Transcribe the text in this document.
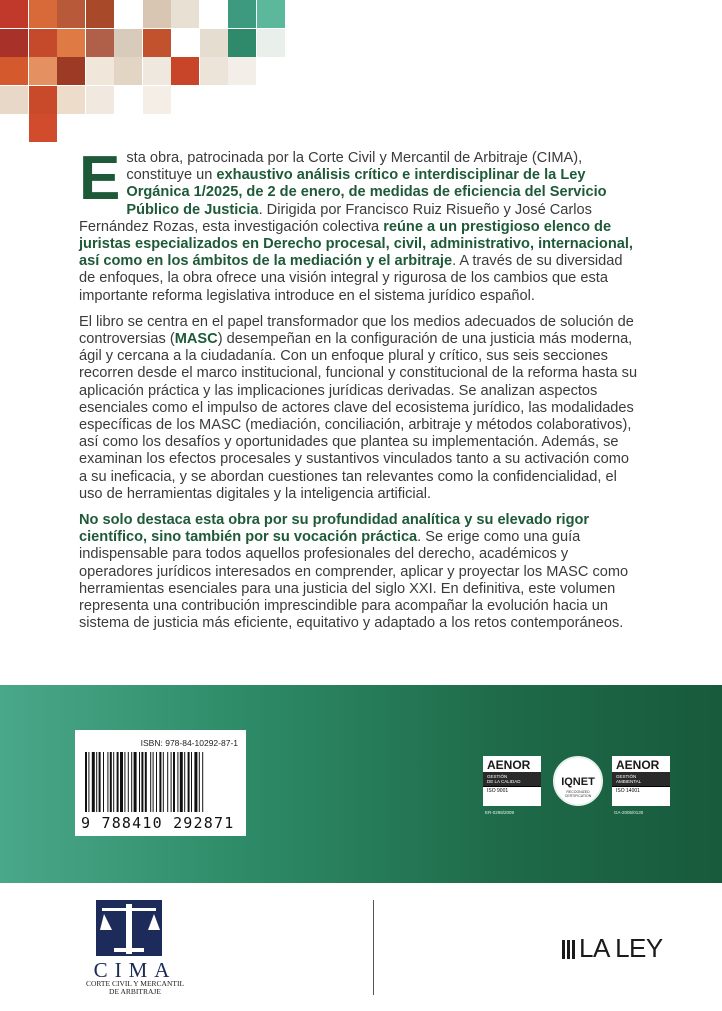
Esta obra, patrocinada por la Corte Civil y Mercantil de Arbitraje (CIMA), constituye un exhaustivo análisis crítico e interdisciplinar de la Ley Orgánica 1/2025, de 2 de enero, de medidas de eficiencia del Servicio Público de Justicia. Dirigida por Francisco Ruiz Risueño y José Carlos Fernández Rozas, esta investigación colectiva reúne a un prestigioso elenco de juristas especializados en Derecho procesal, civil, administrativo, internacional, así como en los ámbitos de la mediación y el arbitraje. A través de su diversidad de enfoques, la obra ofrece una visión integral y rigurosa de los cambios que esta importante reforma legislativa introduce en el sistema jurídico español.

El libro se centra en el papel transformador que los medios adecuados de solución de controversias (MASC) desempeñan en la configuración de una justicia más moderna, ágil y cercana a la ciudadanía. Con un enfoque plural y crítico, sus seis secciones recorren desde el marco institucional, funcional y constitucional de la reforma hasta su aplicación práctica y las implicaciones jurídicas derivadas. Se analizan aspectos esenciales como el impulso de actores clave del ecosistema jurídico, las modalidades específicas de los MASC (mediación, conciliación, arbitraje y métodos colaborativos), así como los desafíos y oportunidades que plantea su implementación. Además, se examinan los efectos procesales y sustantivos vinculados tanto a su activación como a su ineficacia, y se abordan cuestiones tan relevantes como la confidencialidad, el uso de herramientas digitales y la inteligencia artificial.

No solo destaca esta obra por su profundidad analítica y su elevado rigor científico, sino también por su vocación práctica. Se erige como una guía indispensable para todos aquellos profesionales del derecho, académicos y operadores jurídicos interesados en comprender, aplicar y proyectar los MASC como herramientas esenciales para una justicia del siglo XXI. En definitiva, este volumen representa una contribución imprescindible para acompañar la evolución hacia un sistema de justicia más eficiente, equitativo y adaptado a los retos contemporáneos.

ISBN: 978-84-10292-87-1
9 788410 292871
AENOR
GESTIÓN
DE LA CALIDAD
ISO 9001
ER-0298/2009
IQNET
RECOGNIZED CERTIFICATION
AENOR
GESTIÓN
AMBIENTAL
ISO 14001
GA-2005/0130
CIMA
CORTE CIVIL Y MERCANTIL
DE ARBITRAJE
LA LEY
